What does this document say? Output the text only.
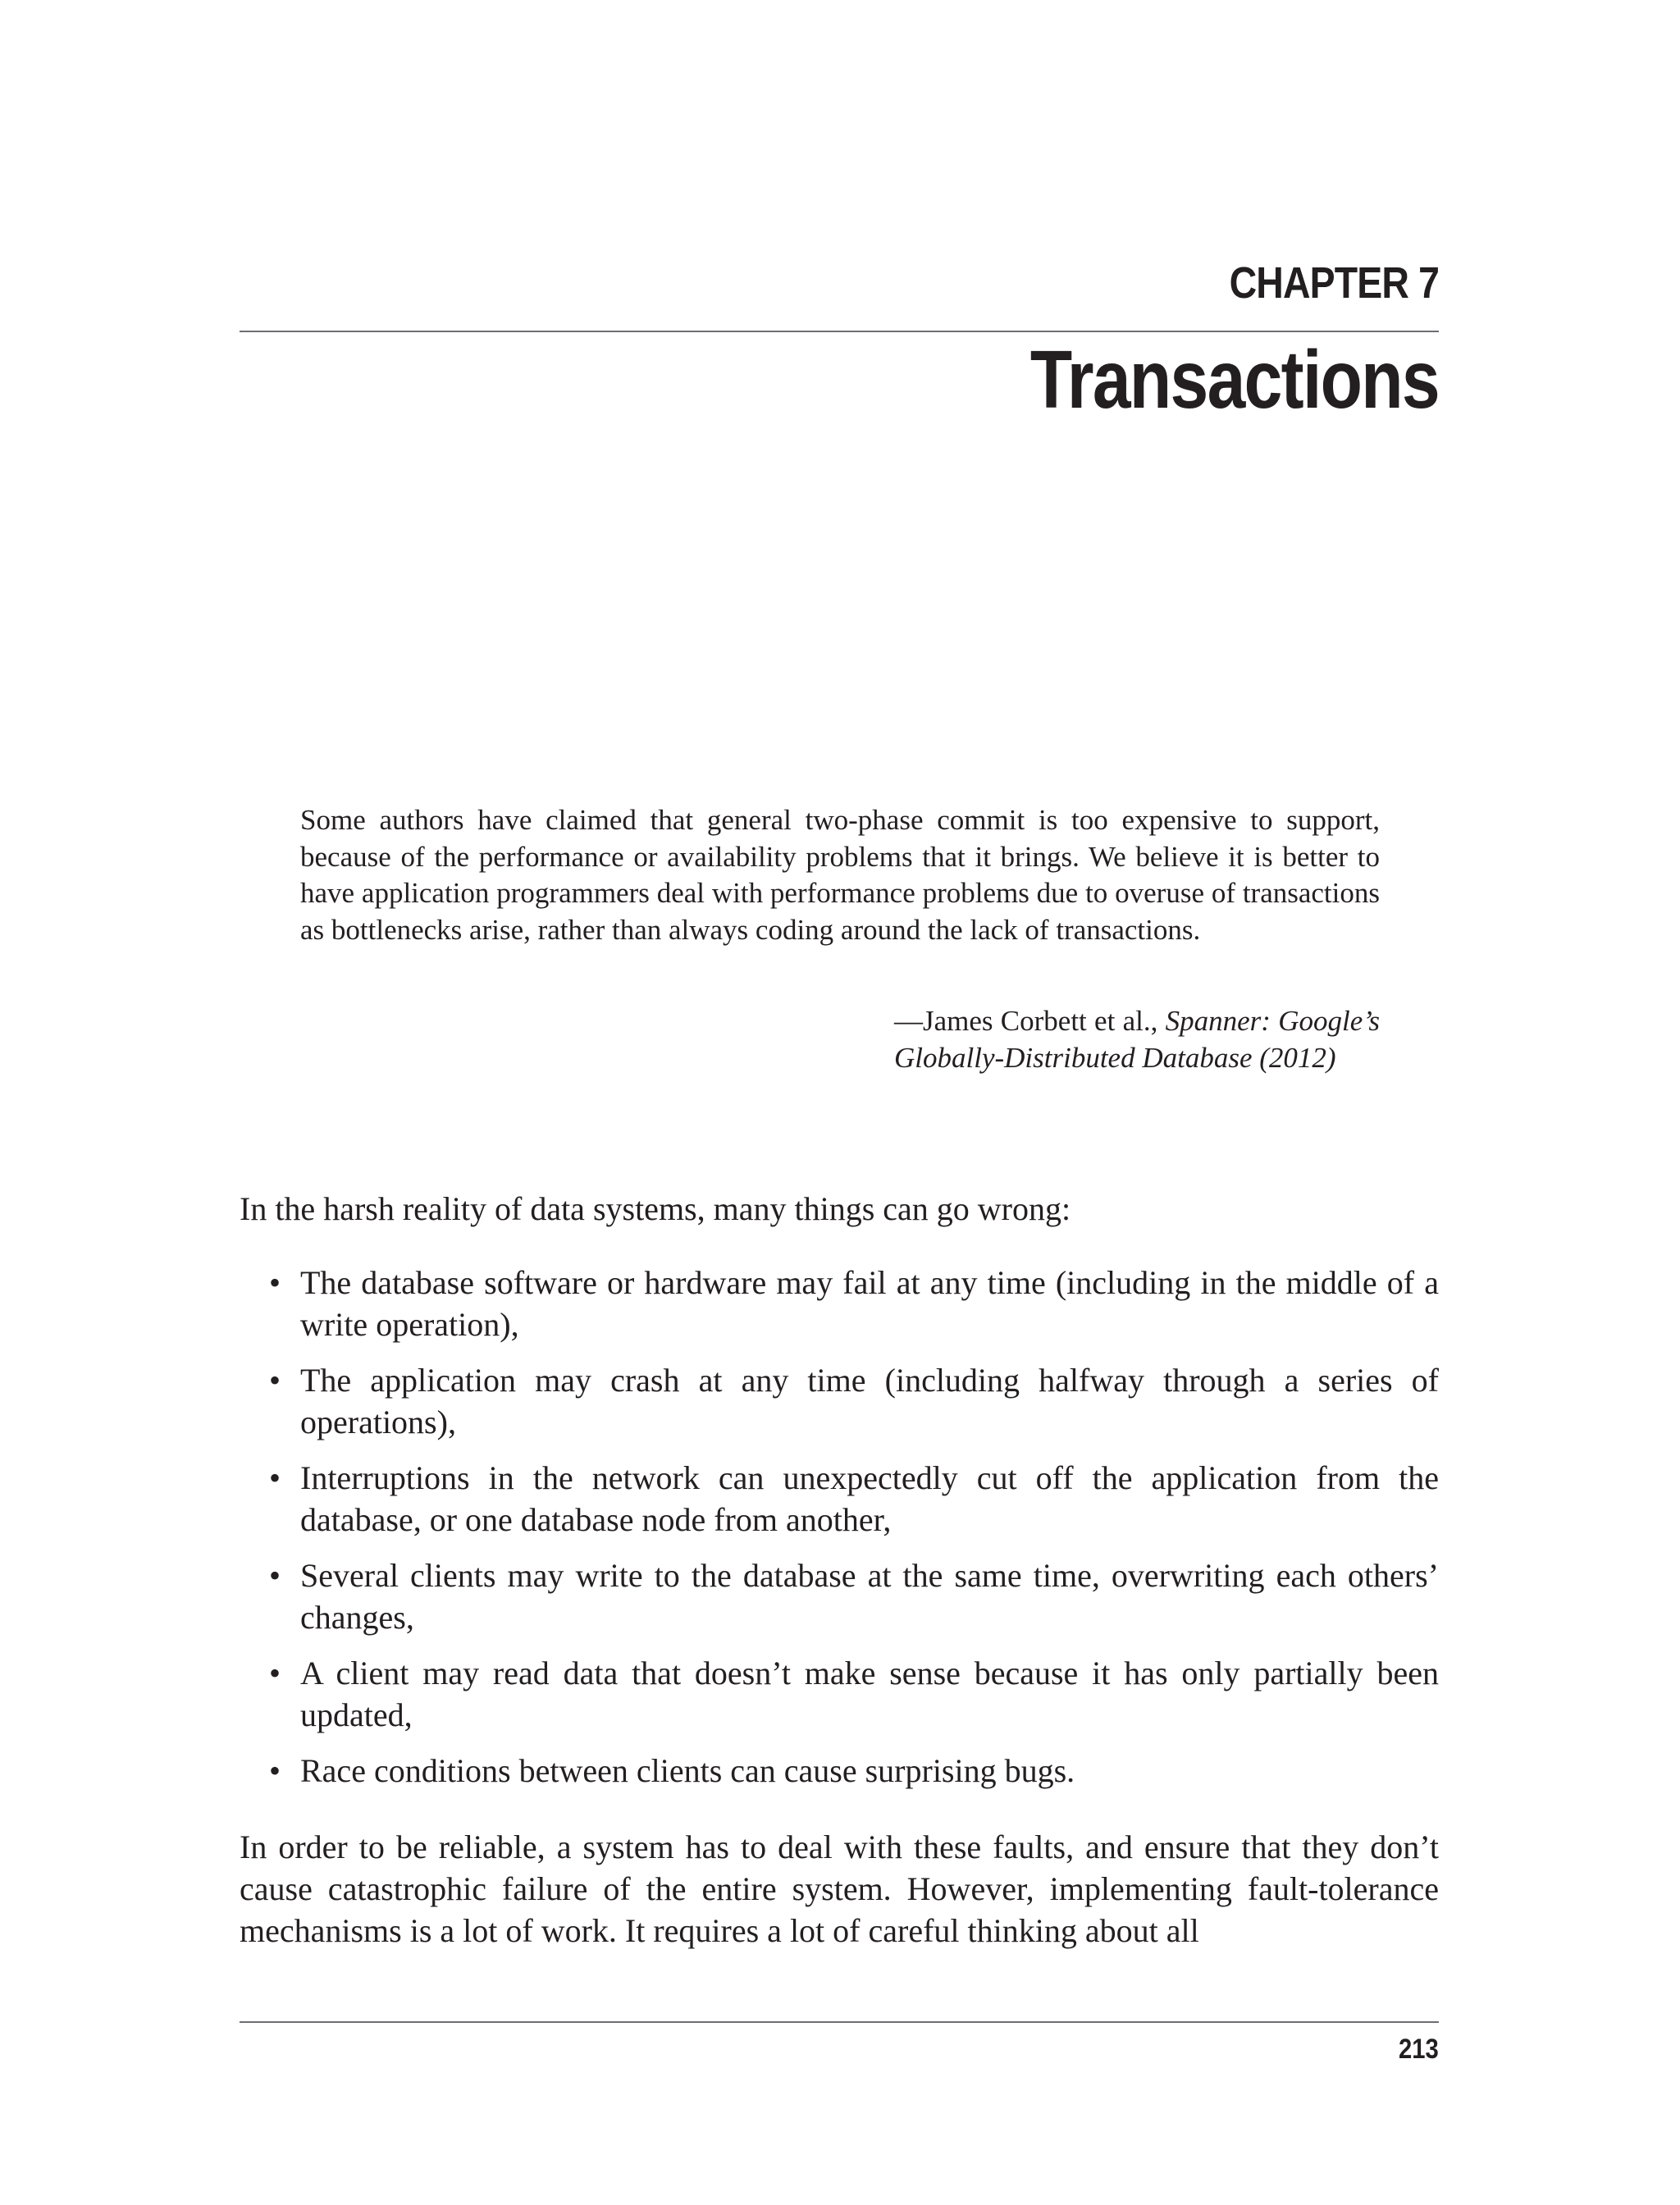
CHAPTER 7
Transactions
Some authors have claimed that general two-phase commit is too expensive to support, because of the performance or availability problems that it brings. We believe it is better to have application programmers deal with performance problems due to overuse of transactions as bottlenecks arise, rather than always coding around the lack of transactions.
—James Corbett et al., Spanner: Google’s Globally-Distributed Database (2012)
In the harsh reality of data systems, many things can go wrong:
• The database software or hardware may fail at any time (including in the middle of a write operation),
• The application may crash at any time (including halfway through a series of operations),
• Interruptions in the network can unexpectedly cut off the application from the database, or one database node from another,
• Several clients may write to the database at the same time, overwriting each others’ changes,
• A client may read data that doesn’t make sense because it has only partially been updated,
• Race conditions between clients can cause surprising bugs.
In order to be reliable, a system has to deal with these faults, and ensure that they don’t cause catastrophic failure of the entire system. However, implementing fault-tolerance mechanisms is a lot of work. It requires a lot of careful thinking about all
213
